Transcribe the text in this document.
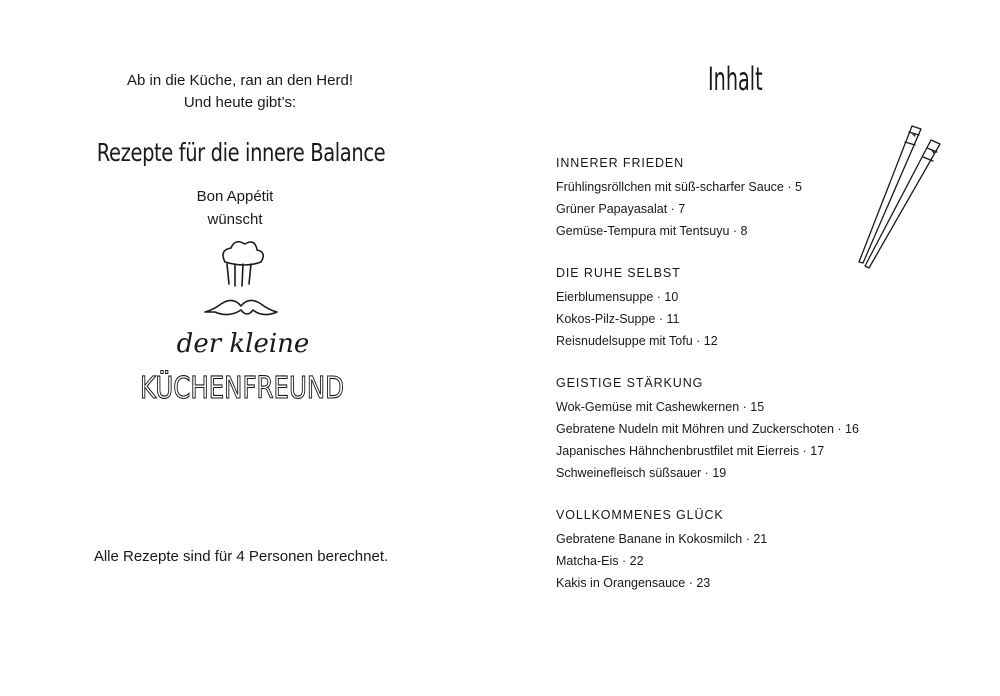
Ab in die Küche, ran an den Herd!
Und heute gibt’s:
Rezepte für die innere Balance
Bon Appétit
wünscht
der kleine
KÜCHENFREUND
Alle Rezepte sind für 4 Personen berechnet.
Inhalt
INNERER FRIEDEN
Frühlingsröllchen mit süß-scharfer Sauce · 5
Grüner Papayasalat · 7
Gemüse-Tempura mit Tentsuyu · 8
DIE RUHE SELBST
Eierblumensuppe · 10
Kokos-Pilz-Suppe · 11
Reisnudelsuppe mit Tofu · 12
GEISTIGE STÄRKUNG
Wok-Gemüse mit Cashewkernen · 15
Gebratene Nudeln mit Möhren und Zuckerschoten · 16
Japanisches Hähnchenbrustfilet mit Eierreis · 17
Schweinefleisch süßsauer · 19
VOLLKOMMENES GLÜCK
Gebratene Banane in Kokosmilch · 21
Matcha-Eis · 22
Kakis in Orangensauce · 23
